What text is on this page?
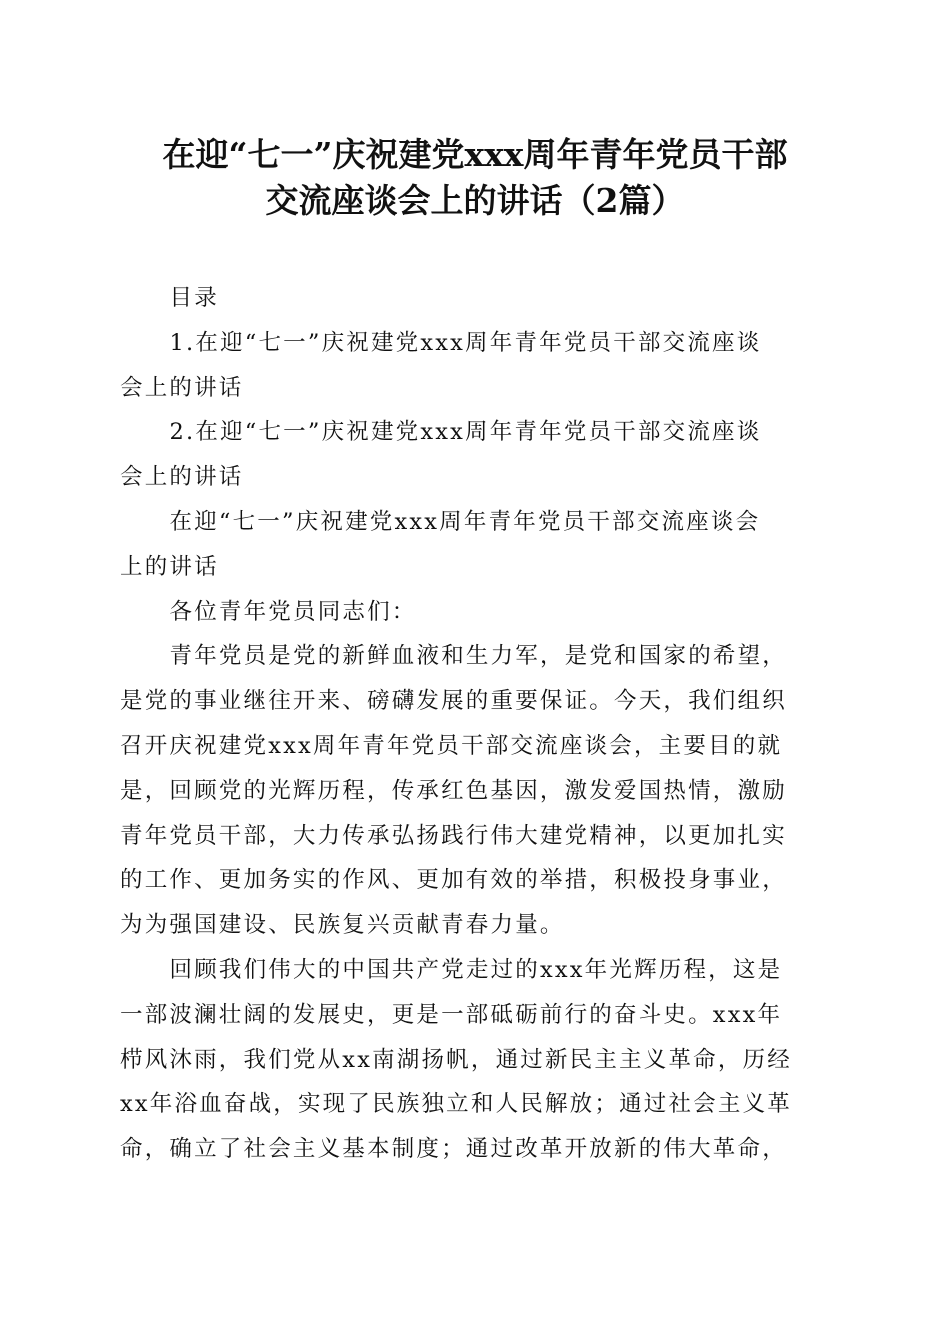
在迎“七一”庆祝建党xxx周年青年党员干部
交流座谈会上的讲话（2篇）

目录

1.在迎“七一”庆祝建党xxx周年青年党员干部交流座谈

会上的讲话

2.在迎“七一”庆祝建党xxx周年青年党员干部交流座谈

会上的讲话

在迎“七一”庆祝建党xxx周年青年党员干部交流座谈会

上的讲话

各位青年党员同志们：

青年党员是党的新鲜血液和生力军，是党和国家的希望，

是党的事业继往开来、磅礴发展的重要保证。今天，我们组织
召开庆祝建党xxx周年青年党员干部交流座谈会，主要目的就
是，回顾党的光辉历程，传承红色基因，激发爱国热情，激励
青年党员干部，大力传承弘扬践行伟大建党精神，以更加扎实
的工作、更加务实的作风、更加有效的举措，积极投身事业，
为为强国建设、民族复兴贡献青春力量。

回顾我们伟大的中国共产党走过的xxx年光辉历程，这是

一部波澜壮阔的发展史，更是一部砥砺前行的奋斗史。xxx年
栉风沐雨，我们党从xx南湖扬帆，通过新民主主义革命，历经
xx年浴血奋战，实现了民族独立和人民解放；通过社会主义革
命，确立了社会主义基本制度；通过改革开放新的伟大革命，
